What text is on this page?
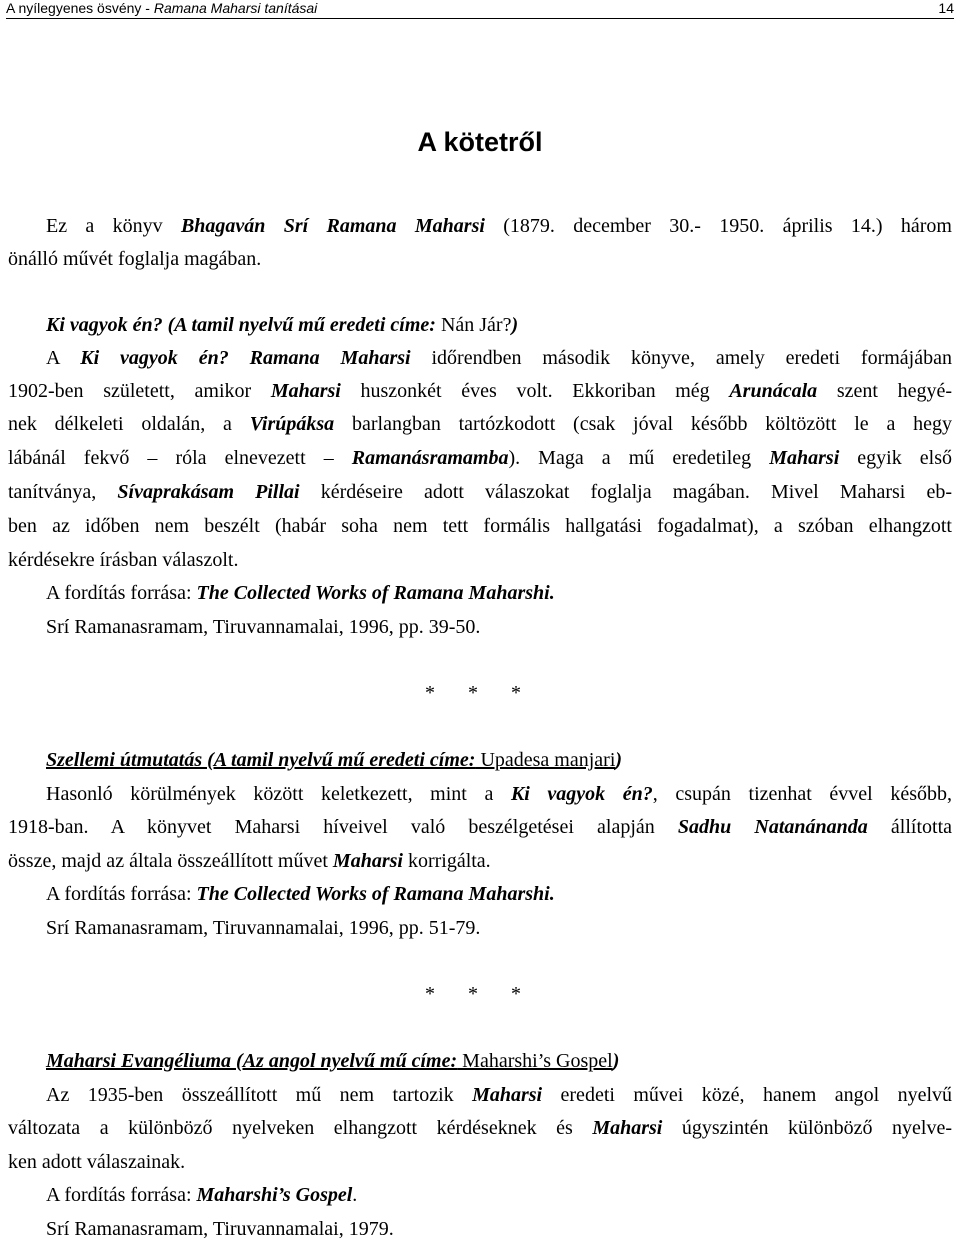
A nyílegyenes ösvény - Ramana Maharsi tanításai	14
A kötetről
Ez a könyv Bhagaván Srí Ramana Maharsi (1879. december 30.- 1950. április 14.) három
önálló művét foglalja magában.
Ki vagyok én? (A tamil nyelvű mű eredeti címe: Nán Jár?)
A Ki vagyok én? Ramana Maharsi időrendben második könyve, amely eredeti formájában
1902-ben született, amikor Maharsi huszonkét éves volt. Ekkoriban még Arunácala szent hegyé-
nek délkeleti oldalán, a Virúpáksa barlangban tartózkodott (csak jóval később költözött le a hegy
lábánál fekvő – róla elnevezett – Ramanásramamba). Maga a mű eredetileg Maharsi egyik első
tanítványa, Sívaprakásam Pillai kérdéseire adott válaszokat foglalja magában. Mivel Maharsi eb-
ben az időben nem beszélt (habár soha nem tett formális hallgatási fogadalmat), a szóban elhangzott
kérdésekre írásban válaszolt.
A fordítás forrása: The Collected Works of Ramana Maharshi.
Srí Ramanasramam, Tiruvannamalai, 1996, pp. 39-50.
* * *
Szellemi útmutatás (A tamil nyelvű mű eredeti címe: Upadesa manjari)
Hasonló körülmények között keletkezett, mint a Ki vagyok én?, csupán tizenhat évvel később,
1918-ban. A könyvet Maharsi híveivel való beszélgetései alapján Sadhu Natanánanda állította
össze, majd az általa összeállított művet Maharsi korrigálta.
A fordítás forrása: The Collected Works of Ramana Maharshi.
Srí Ramanasramam, Tiruvannamalai, 1996, pp. 51-79.
* * *
Maharsi Evangéliuma (Az angol nyelvű mű címe: Maharshi’s Gospel)
Az 1935-ben összeállított mű nem tartozik Maharsi eredeti művei közé, hanem angol nyelvű
változata a különböző nyelveken elhangzott kérdéseknek és Maharsi úgyszintén különböző nyelve-
ken adott válaszainak.
A fordítás forrása: Maharshi’s Gospel.
Srí Ramanasramam, Tiruvannamalai, 1979.
